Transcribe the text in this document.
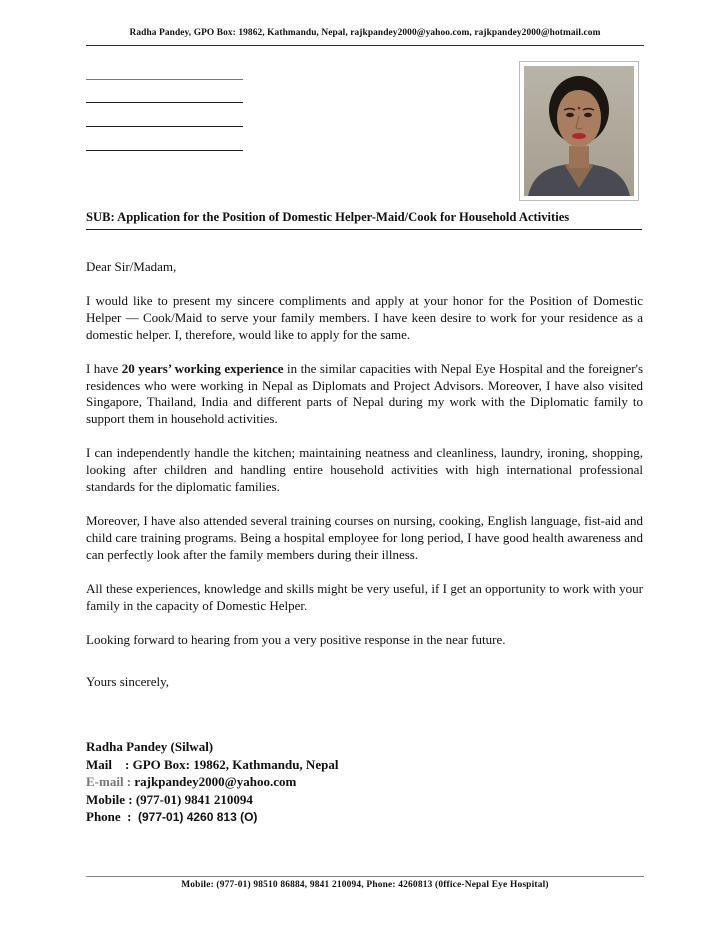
Radha Pandey, GPO Box: 19862, Kathmandu, Nepal, rajkpandey2000@yahoo.com, rajkpandey2000@hotmail.com
SUB: Application for the Position of Domestic Helper-Maid/Cook for Household Activities

Dear Sir/Madam,

I would like to present my sincere compliments and apply at your honor for the Position of Domestic Helper — Cook/Maid to serve your family members. I have keen desire to work for your residence as a domestic helper. I, therefore, would like to apply for the same.

I have 20 years’ working experience in the similar capacities with Nepal Eye Hospital and the foreigner's residences who were working in Nepal as Diplomats and Project Advisors. Moreover, I have also visited Singapore, Thailand, India and different parts of Nepal during my work with the Diplomatic family to support them in household activities.

I can independently handle the kitchen; maintaining neatness and cleanliness, laundry, ironing, shopping, looking after children and handling entire household activities with high international professional standards for the diplomatic families.

Moreover, I have also attended several training courses on nursing, cooking, English language, fist-aid and child care training programs. Being a hospital employee for long period, I have good health awareness and can perfectly look after the family members during their illness.

All these experiences, knowledge and skills might be very useful, if I get an opportunity to work with your family in the capacity of Domestic Helper.

Looking forward to hearing from you a very positive response in the near future.

Yours sincerely,
Radha Pandey (Silwal)
Mail    : GPO Box: 19862, Kathmandu, Nepal
E-mail : rajkpandey2000@yahoo.com
Mobile : (977-01) 9841 210094
Phone  :  (977-01) 4260 813 (O)
Mobile: (977-01) 98510 86884, 9841 210094, Phone: 4260813 (0ffice-Nepal Eye Hospital)
